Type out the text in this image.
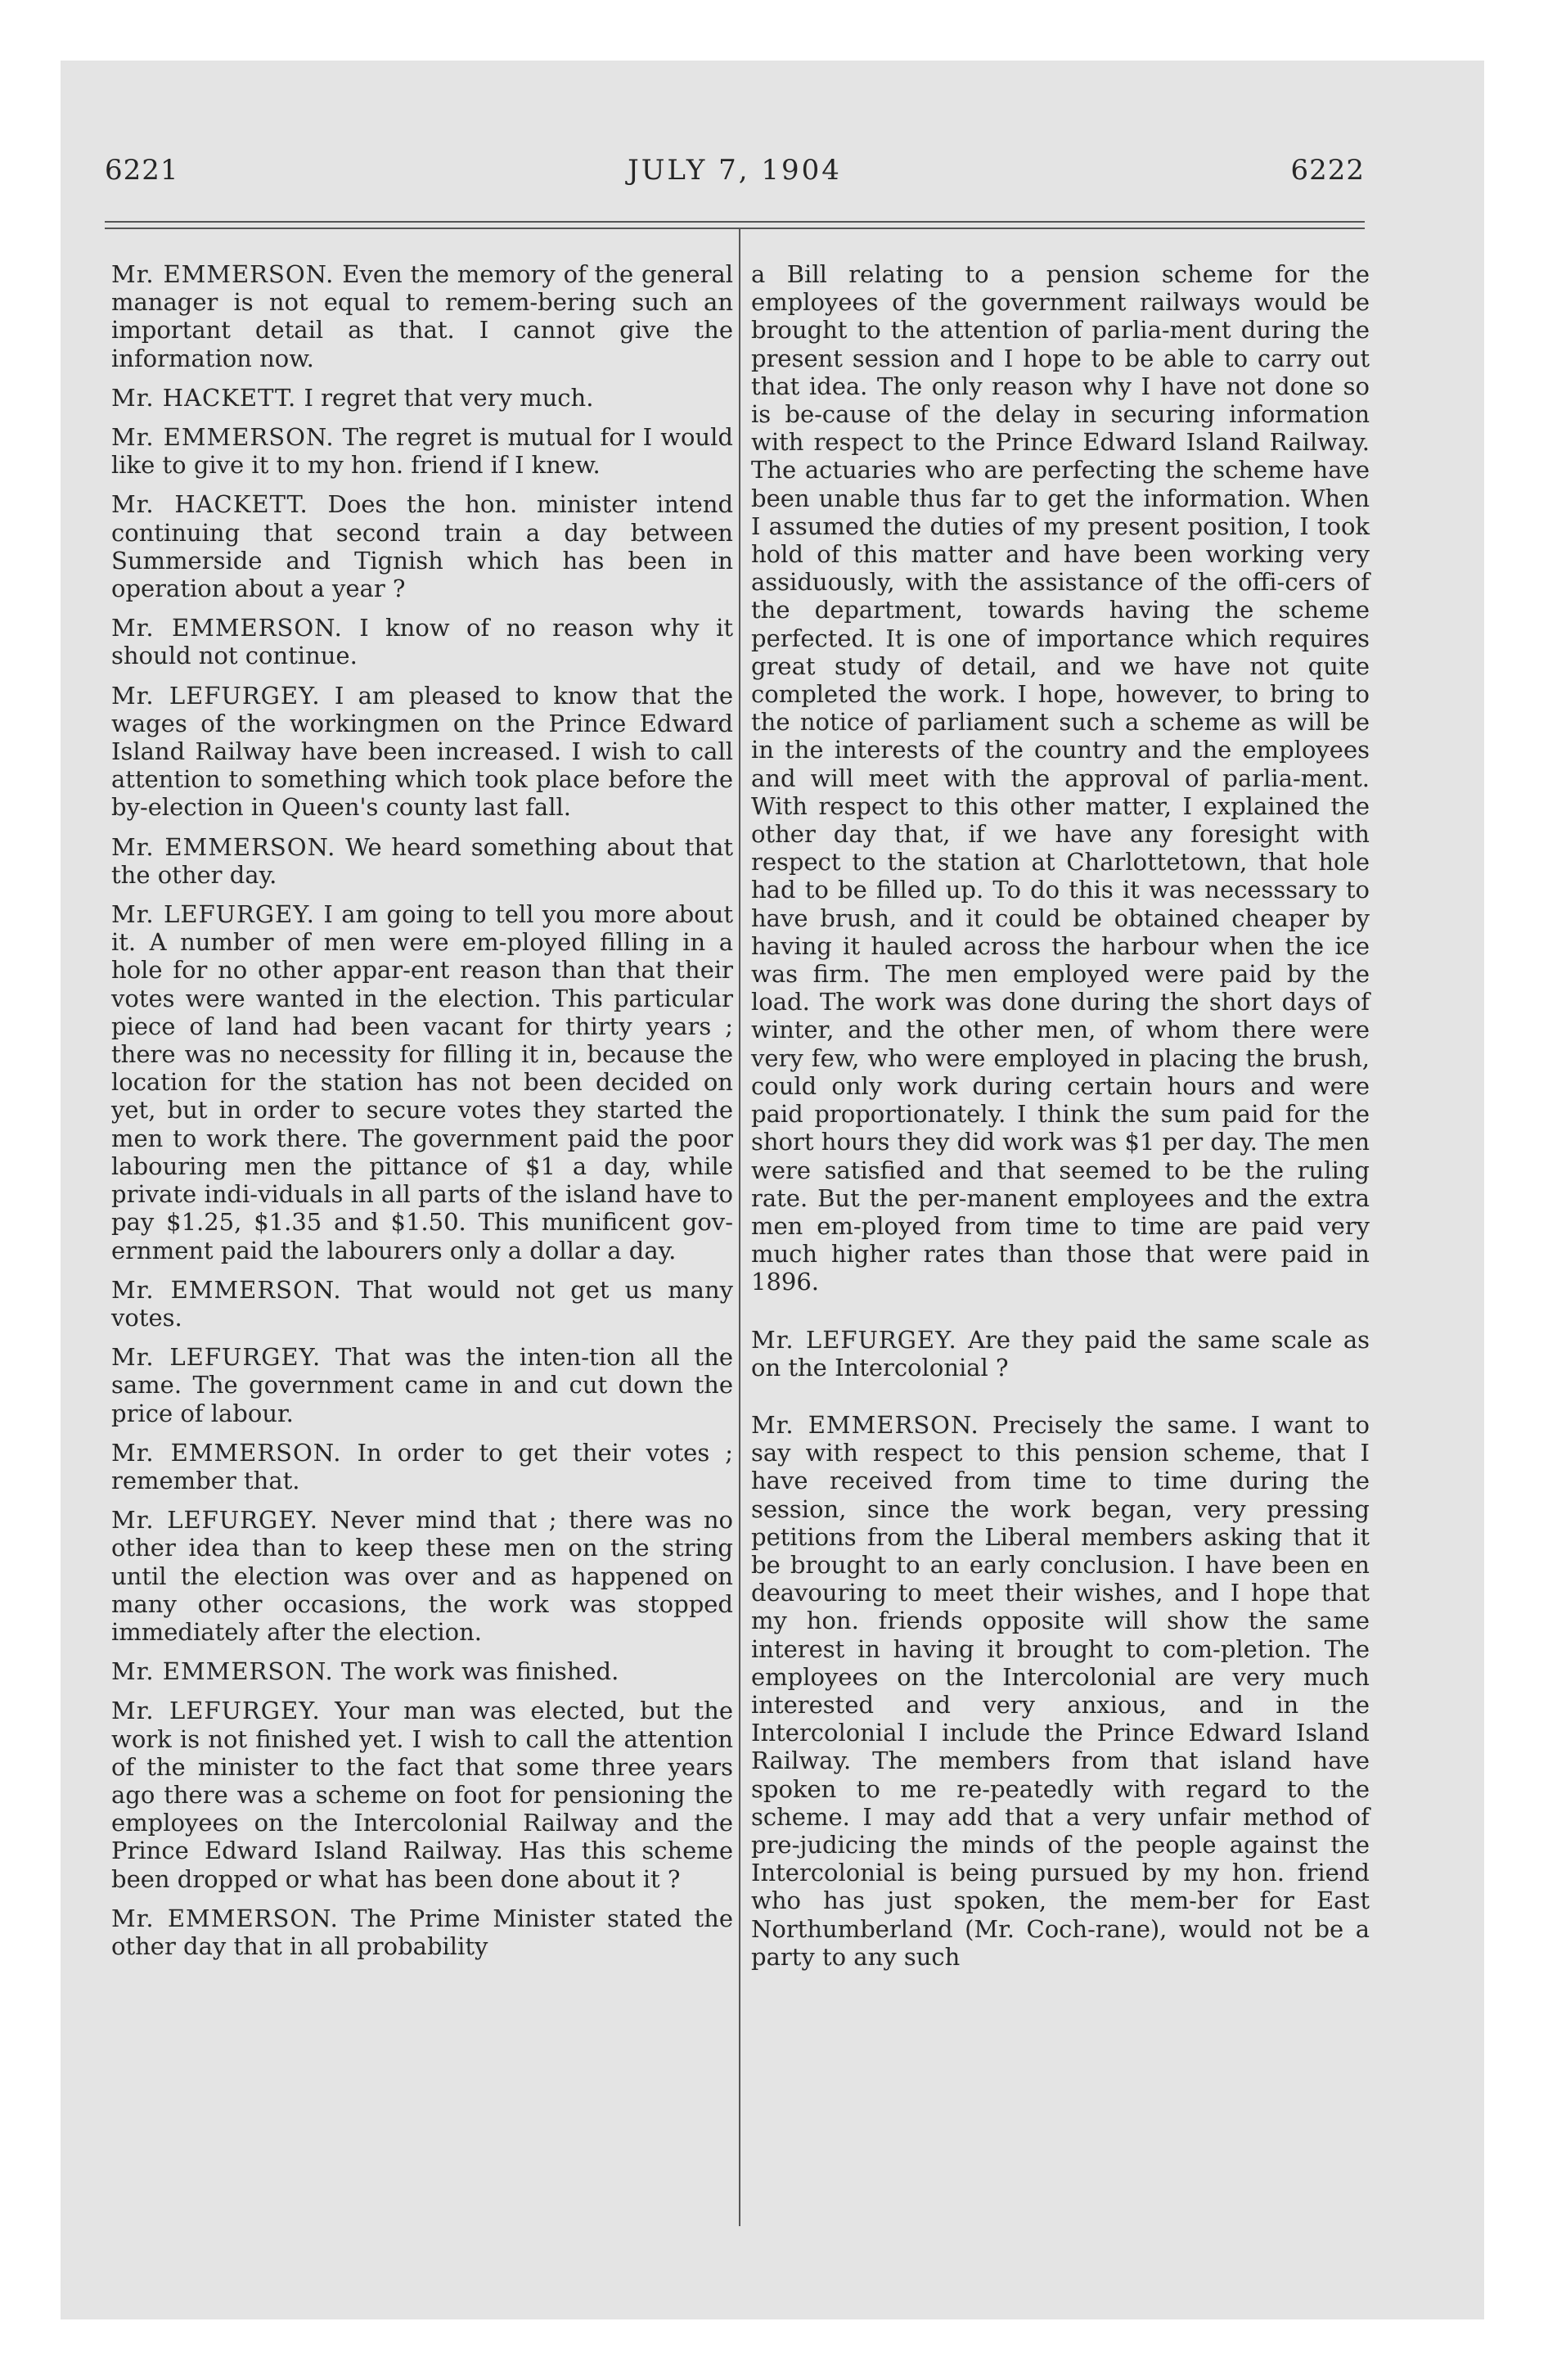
6221	JULY 7, 1904	6222

Mr. EMMERSON. Even the memory of the general manager is not equal to remem-bering such an important detail as that. I cannot give the information now.

Mr. HACKETT. I regret that very much.

Mr. EMMERSON. The regret is mutual for I would like to give it to my hon. friend if I knew.

Mr. HACKETT. Does the hon. minister intend continuing that second train a day between Summerside and Tignish which has been in operation about a year ?

Mr. EMMERSON. I know of no reason why it should not continue.

Mr. LEFURGEY. I am pleased to know that the wages of the workingmen on the Prince Edward Island Railway have been increased. I wish to call attention to something which took place before the by-election in Queen's county last fall.

Mr. EMMERSON. We heard something about that the other day.

Mr. LEFURGEY. I am going to tell you more about it. A number of men were em-ployed filling in a hole for no other appar-ent reason than that their votes were wanted in the election. This particular piece of land had been vacant for thirty years ; there was no necessity for filling it in, because the location for the station has not been decided on yet, but in order to secure votes they started the men to work there. The government paid the poor labouring men the pittance of $1 a day, while private indi-viduals in all parts of the island have to pay $1.25, $1.35 and $1.50. This munificent gov-ernment paid the labourers only a dollar a day.

Mr. EMMERSON. That would not get us many votes.

Mr. LEFURGEY. That was the inten-tion all the same. The government came in and cut down the price of labour.

Mr. EMMERSON. In order to get their votes ; remember that.

Mr. LEFURGEY. Never mind that ; there was no other idea than to keep these men on the string until the election was over and as happened on many other occasions, the work was stopped immediately after the election.

Mr. EMMERSON. The work was finished.

Mr. LEFURGEY. Your man was elected, but the work is not finished yet. I wish to call the attention of the minister to the fact that some three years ago there was a scheme on foot for pensioning the employees on the Intercolonial Railway and the Prince Edward Island Railway. Has this scheme been dropped or what has been done about it ?

Mr. EMMERSON. The Prime Minister stated the other day that in all probability

a Bill relating to a pension scheme for the employees of the government railways would be brought to the attention of parlia-ment during the present session and I hope to be able to carry out that idea. The only reason why I have not done so is be-cause of the delay in securing information with respect to the Prince Edward Island Railway. The actuaries who are perfecting the scheme have been unable thus far to get the information. When I assumed the duties of my present position, I took hold of this matter and have been working very assiduously, with the assistance of the offi-cers of the department, towards having the scheme perfected. It is one of importance which requires great study of detail, and we have not quite completed the work. I hope, however, to bring to the notice of parliament such a scheme as will be in the interests of the country and the employees and will meet with the approval of parlia-ment. With respect to this other matter, I explained the other day that, if we have any foresight with respect to the station at Charlottetown, that hole had to be filled up. To do this it was necesssary to have brush, and it could be obtained cheaper by having it hauled across the harbour when the ice was firm. The men employed were paid by the load. The work was done during the short days of winter, and the other men, of whom there were very few, who were employed in placing the brush, could only work during certain hours and were paid proportionately. I think the sum paid for the short hours they did work was $1 per day. The men were satisfied and that seemed to be the ruling rate. But the per-manent employees and the extra men em-ployed from time to time are paid very much higher rates than those that were paid in 1896.

Mr. LEFURGEY. Are they paid the same scale as on the Intercolonial ?

Mr. EMMERSON. Precisely the same. I want to say with respect to this pension scheme, that I have received from time to time during the session, since the work began, very pressing petitions from the Liberal members asking that it be brought to an early conclusion. I have been en deavouring to meet their wishes, and I hope that my hon. friends opposite will show the same interest in having it brought to com-pletion. The employees on the Intercolonial are very much interested and very anxious, and in the Intercolonial I include the Prince Edward Island Railway. The members from that island have spoken to me re-peatedly with regard to the scheme. I may add that a very unfair method of pre-judicing the minds of the people against the Intercolonial is being pursued by my hon. friend who has just spoken, the mem-ber for East Northumberland (Mr. Coch-rane), would not be a party to any such
